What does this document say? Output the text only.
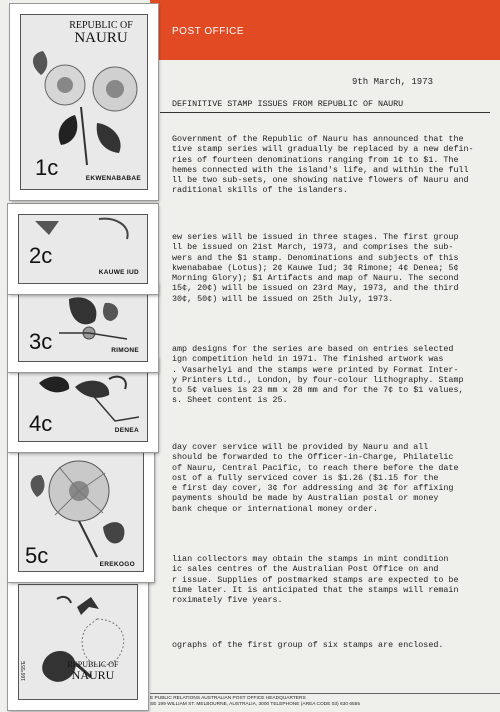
POST OFFICE
9th March, 1973
DEFINITIVE STAMP ISSUES FROM REPUBLIC OF NAURU
Government of the Republic of Nauru has announced that the
tive stamp series will gradually be replaced by a new defin-
ries of fourteen denominations ranging from 1¢ to $1. The
hemes connected with the island's life, and within the full
ll be two sub-sets, one showing native flowers of Nauru and
raditional skills of the islanders.
ew series will be issued in three stages. The first group
ll be issued on 21st March, 1973, and comprises the sub-
wers and the $1 stamp. Denominations and subjects of this
kwenababae (Lotus); 2¢ Kauwe Iud; 3¢ Rimone; 4¢ Denea; 5¢
Morning Glory); $1 Artifacts and map of Nauru. The second
15¢, 20¢) will be issued on 23rd May, 1973, and the third
30¢, 50¢) will be issued on 25th July, 1973.
amp designs for the series are based on entries selected
ign competition held in 1971. The finished artwork was
. Vasarhelyi and the stamps were printed by Format Inter-
y Printers Ltd., London, by four-colour lithography. Stamp
to 5¢ values is 23 mm x 28 mm and for the 7¢ to $1 values,
s. Sheet content is 25.
day cover service will be provided by Nauru and all
should be forwarded to the Officer-in-Charge, Philatelic
of Nauru, Central Pacific, to reach there before the date
ost of a fully serviced cover is $1.26 ($1.15 for the
e first day cover, 3¢ for addressing and 3¢ for affixing
payments should be made by Australian postal or money
bank cheque or international money order.
lian collectors may obtain the stamps in mint condition
ic sales centres of the Australian Post Office on and
r issue. Supplies of postmarked stamps are expected to be
time later. It is anticipated that the stamps will remain
roximately five years.
ographs of the first group of six stamps are enclosed.
E PUBLIC RELATIONS AUSTRALIAN POST OFFICE HEADQUARTERS
SE 199 WILLIAM ST. MELBOURNE, AUSTRALIA, 3000 TELEPHONE (AREA CODE 03) 630 6555
166°55'E	REPUBLIC OF
NAURU
5c	EREKOGO
4c	DENEA
3c	RIMONE
2c
KAUWE IUD
REPUBLIC OF
NAURU
1c	EKWENABABAE
